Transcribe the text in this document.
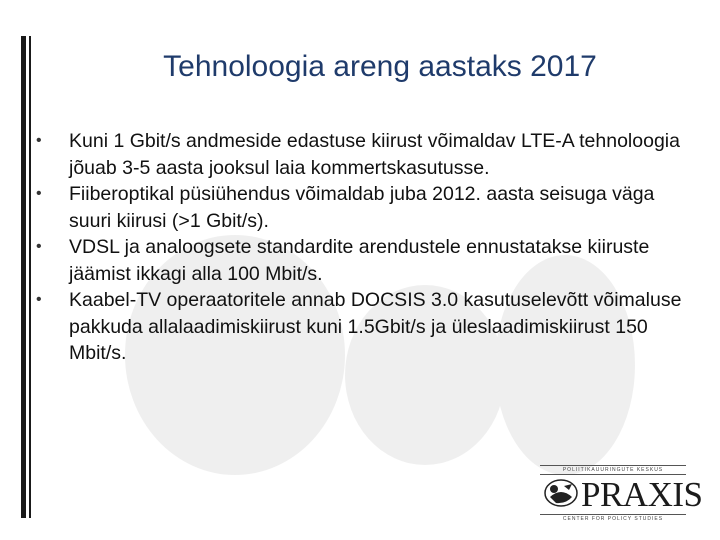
Tehnoloogia areng aastaks 2017
•	Kuni 1 Gbit/s andmeside edastuse kiirust võimaldav LTE-A tehnoloogia jõuab 3-5 aasta jooksul laia kommertskasutusse.
•	Fiiberoptikal püsiühendus võimaldab juba 2012. aasta seisuga väga suuri kiirusi (>1 Gbit/s).
•	VDSL ja analoogsete standardite arendustele ennustatakse kiiruste jäämist ikkagi alla 100 Mbit/s.
•	Kaabel-TV operaatoritele annab DOCSIS 3.0 kasutuselevõtt võimaluse pakkuda allalaadimiskiirust kuni 1.5Gbit/s ja üleslaadimiskiirust 150 Mbit/s.
POLIITIKAUURINGUTE KESKUS
PRAXIS
CENTER FOR POLICY STUDIES
